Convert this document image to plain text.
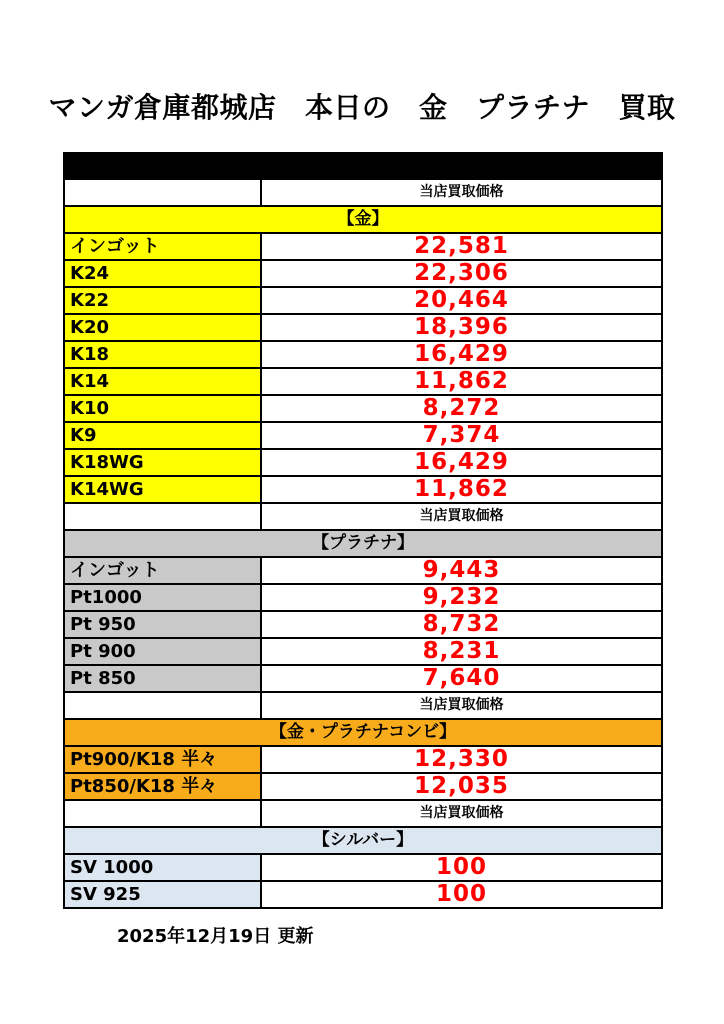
マンガ倉庫都城店　本日の　金　プラチナ　買取
当店買取価格
【金】
インゴット	22,581
K24	22,306
K22	20,464
K20	18,396
K18	16,429
K14	11,862
K10	8,272
K9	7,374
K18WG	16,429
K14WG	11,862
当店買取価格
【プラチナ】
インゴット	9,443
Pt1000	9,232
Pt 950	8,732
Pt 900	8,231
Pt 850	7,640
当店買取価格
【金・プラチナコンビ】
Pt900/K18 半々	12,330
Pt850/K18 半々	12,035
当店買取価格
【シルバー】
SV 1000	100
SV 925	100
2025年12月19日 更新
